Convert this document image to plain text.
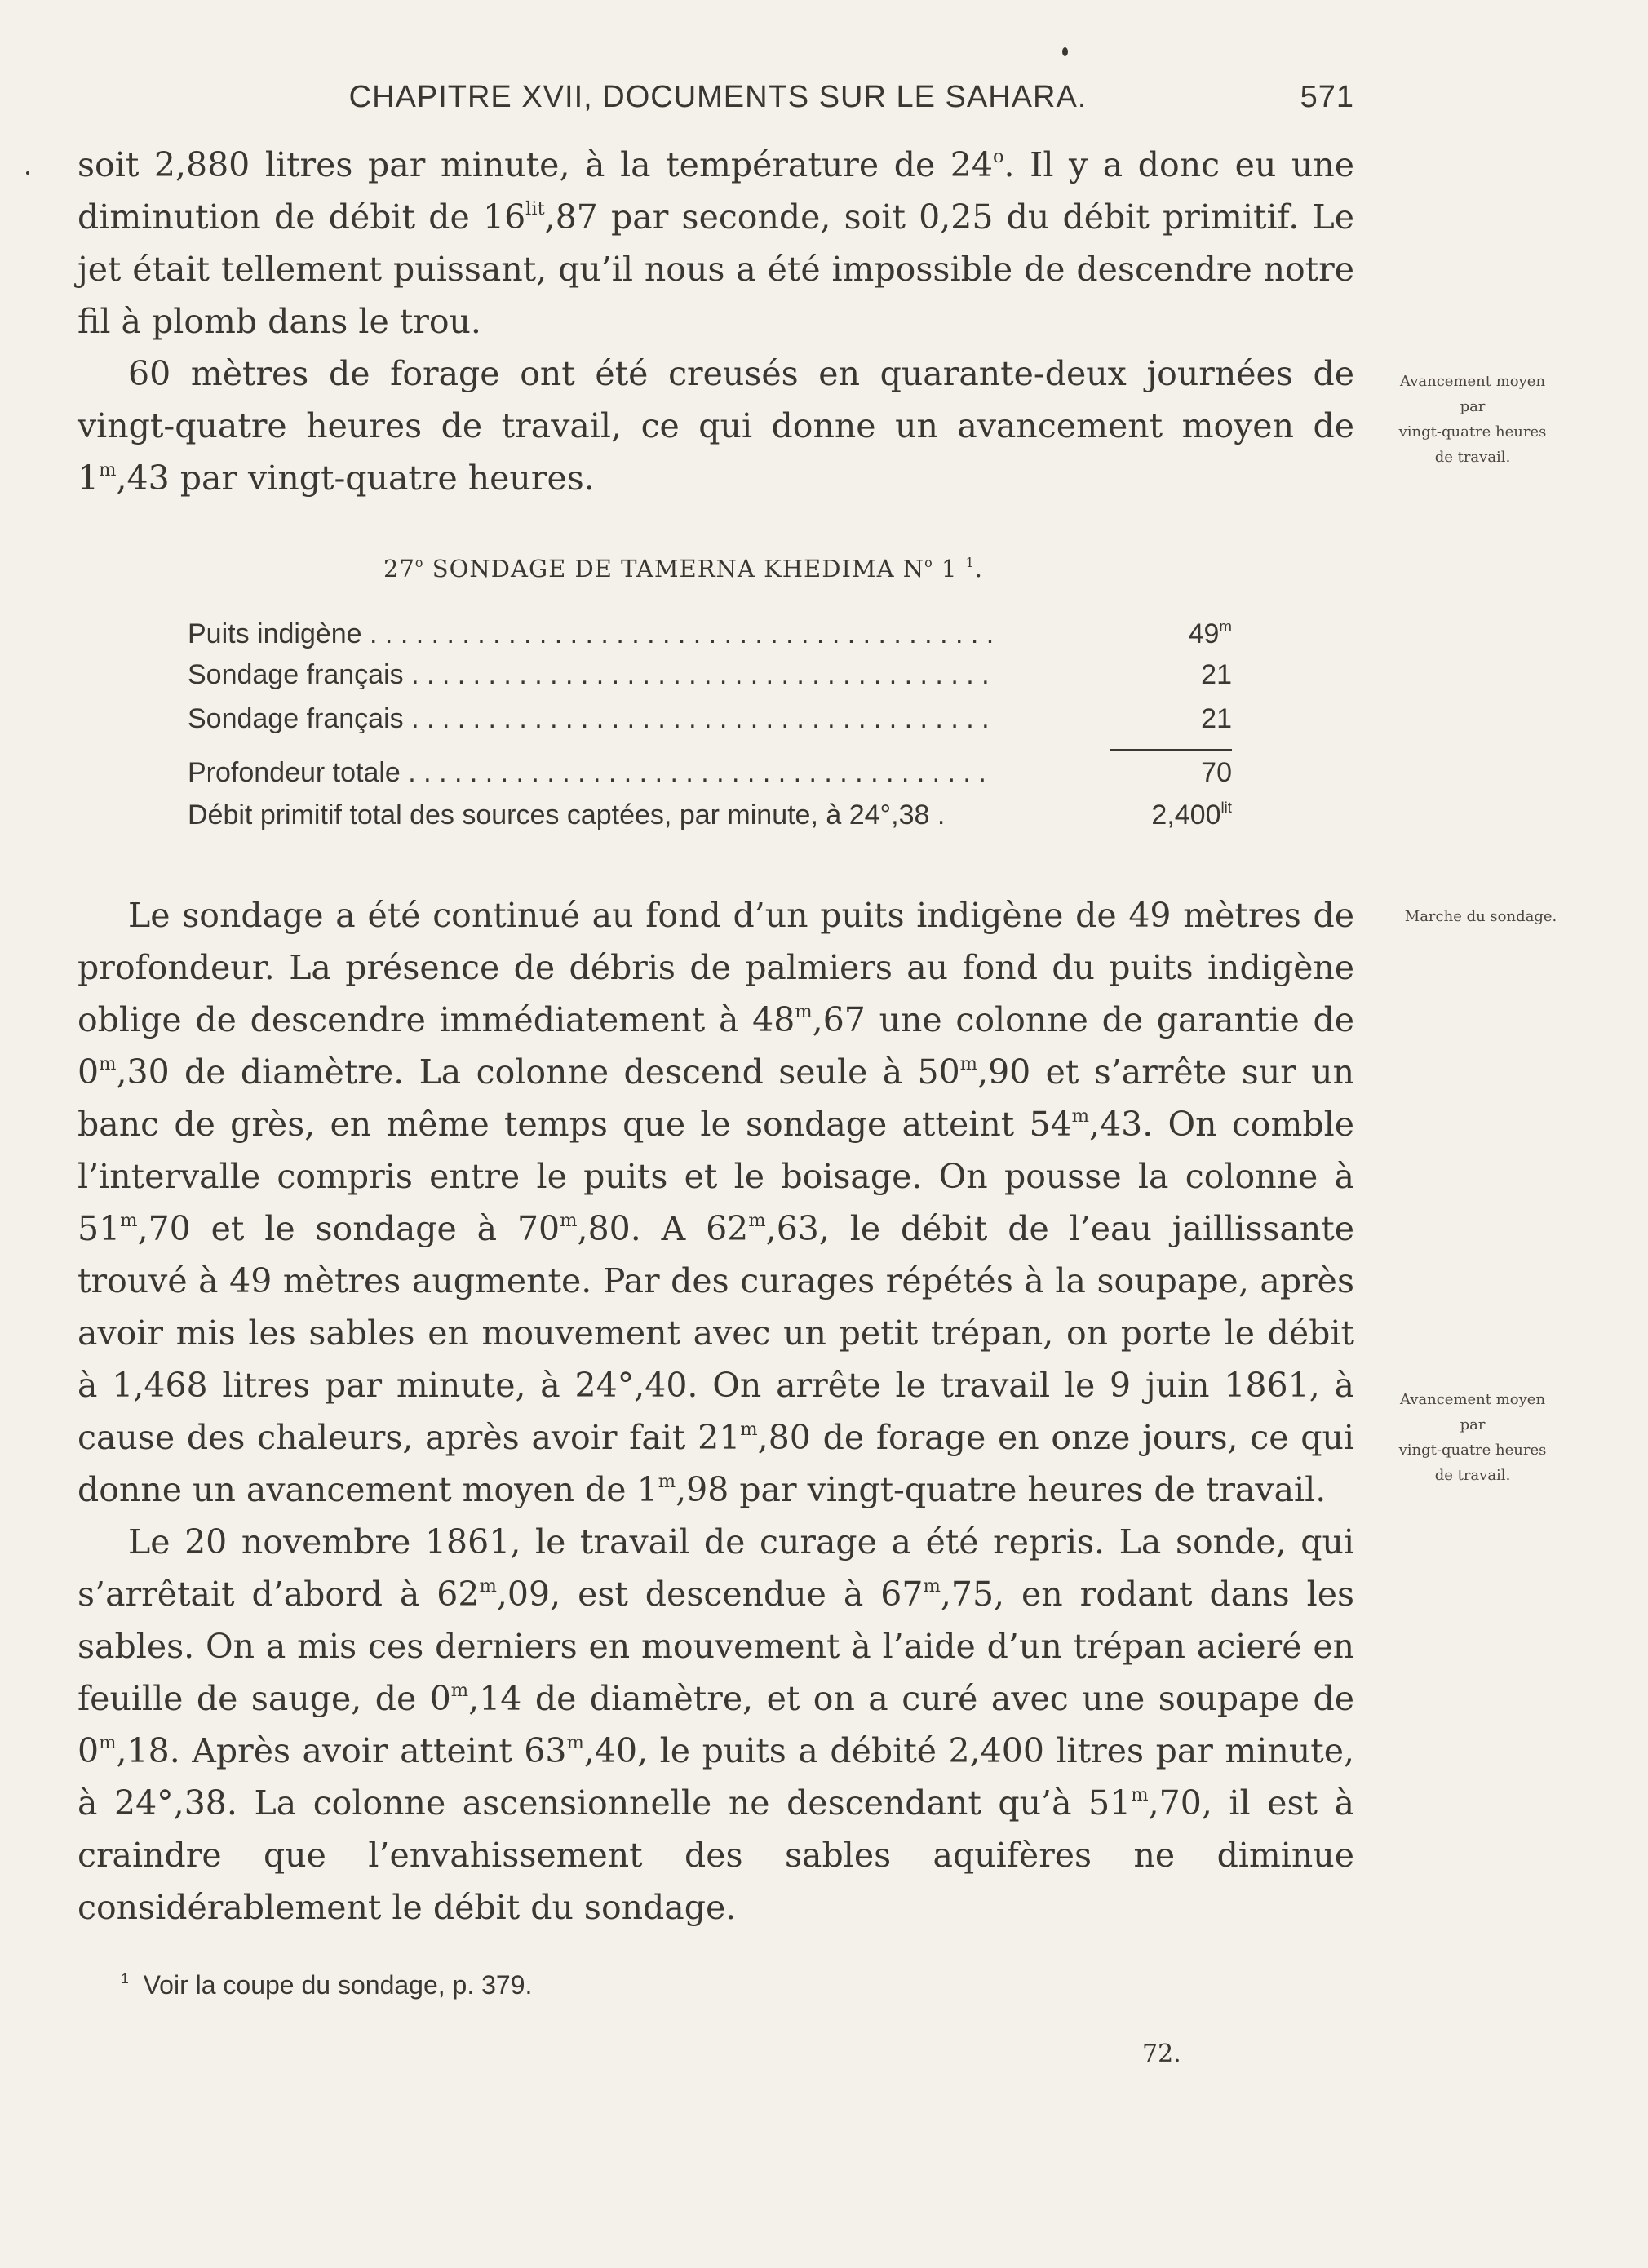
CHAPITRE XVII, DOCUMENTS SUR LE SAHARA.	571

soit 2,880 litres par minute, à la température de 24$^o$. Il y a donc eu une diminution de débit de $16^{lit},87$ par seconde, soit 0,25 du débit primitif. Le jet était tellement puissant, qu’il nous a été impossible de descendre notre fil à plomb dans le trou.

60 mètres de forage ont été creusés en quarante-deux journées de vingt-quatre heures de travail, ce qui donne un avancement moyen de 1$^m$,43 par vingt-quatre heures.

Avancement moyen
par
vingt-quatre heures
de travail.
27$^o$ SONDAGE DE TAMERNA KHEDIMA $N^o$ 1 $^1$.
Puits indigène . . . . . . . . . . . . . . . . . . . . . . . . . . . . . . . . . . . . . . . . .	49$^m$
Sondage français . . . . . . . . . . . . . . . . . . . . . . . . . . . . . . . . . . . . . .	21
Sondage français . . . . . . . . . . . . . . . . . . . . . . . . . . . . . . . . . . . . . .	21
Profondeur totale . . . . . . . . . . . . . . . . . . . . . . . . . . . . . . . . . . . . . .	70
Débit primitif total des sources captées, par minute, à 24°,38 .	$2,400^{lit}$

Le sondage a été continué au fond d’un puits indigène de 49 mètres de profondeur. La présence de débris de palmiers au fond du puits indigène oblige de descendre immédiatement à 48$^m$,67 une colonne de garantie de 0$^m$,30 de diamètre. La colonne descend seule à 50$^m$,90 et s’arrête sur un banc de grès, en même temps que le sondage atteint 54$^m$,43. On comble l’intervalle compris entre le puits et le boisage. On pousse la colonne à 51$^m$,70 et le sondage à 70$^m$,80. A 62$^m$,63, le débit de l’eau jaillissante trouvé à 49 mètres augmente. Par des curages répétés à la soupape, après avoir mis les sables en mouvement avec un petit trépan, on porte le débit à 1,468 litres par minute, à 24°,40. On arrête le travail le 9 juin 1861, à cause des chaleurs, après avoir fait 21$^m$,80 de forage en onze jours, ce qui donne un avancement moyen de 1$^m$,98 par vingt-quatre heures de travail.

Le 20 novembre 1861, le travail de curage a été repris. La sonde, qui s’arrêtait d’abord à 62$^m$,09, est descendue à 67$^m$,75, en rodant dans les sables. On a mis ces derniers en mouvement à l’aide d’un trépan acieré en feuille de sauge, de 0$^m$,14 de diamètre, et on a curé avec une soupape de 0$^m$,18. Après avoir atteint 63$^m$,40, le puits a débité 2,400 litres par minute, à 24°,38. La colonne ascensionnelle ne descendant qu’à 51$^m$,70, il est à craindre que l’envahissement des sables aquifères ne diminue considérablement le débit du sondage.

Marche du sondage.
Avancement moyen
par
vingt-quatre heures
de travail.
$^1$ Voir la coupe du sondage, p. 379.
72.
